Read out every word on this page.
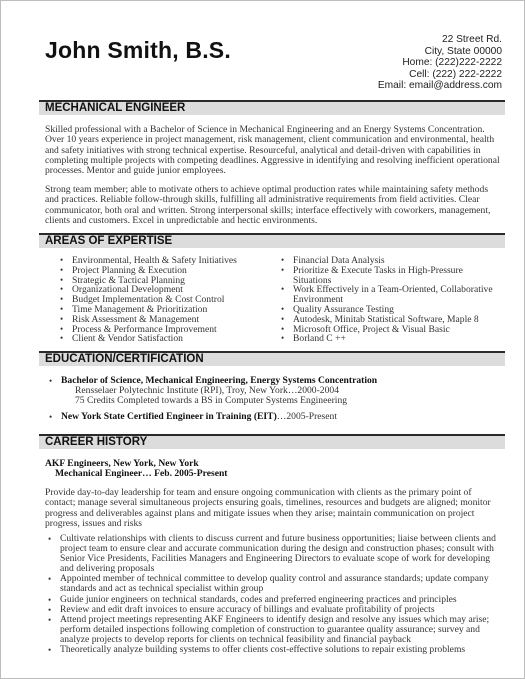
John Smith, B.S.	22 Street Rd.
City, State 00000
Home: (222)222-2222
Cell: (222) 222-2222
Email: email@address.com
MECHANICAL ENGINEER
Skilled professional with a Bachelor of Science in Mechanical Engineering and an Energy Systems Concentration. Over 10 years experience in project management, risk management, client communication and environmental, health and safety initiatives with strong technical expertise. Resourceful, analytical and detail-driven with capabilities in completing multiple projects with competing deadlines. Aggressive in identifying and resolving inefficient operational processes. Mentor and guide junior employees.
Strong team member; able to motivate others to achieve optimal production rates while maintaining safety methods and practices. Reliable follow-through skills, fulfilling all administrative requirements from field activities. Clear communicator, both oral and written. Strong interpersonal skills; interface effectively with coworkers, management, clients and customers. Excel in unpredictable and hectic environments.
AREAS OF EXPERTISE
• Environmental, Health & Safety Initiatives
• Project Planning & Execution
• Strategic & Tactical Planning
• Organizational Development
• Budget Implementation & Cost Control
• Time Management & Prioritization
• Risk Assessment & Management
• Process & Performance Improvement
• Client & Vendor Satisfaction
• Financial Data Analysis
• Prioritize & Execute Tasks in High-Pressure Situations
• Work Effectively in a Team-Oriented, Collaborative Environment
• Quality Assurance Testing
• Autodesk, Minitab Statistical Software, Maple 8
• Microsoft Office, Project & Visual Basic
• Borland C ++
EDUCATION/CERTIFICATION
• Bachelor of Science, Mechanical Engineering, Energy Systems Concentration
Rensselaer Polytechnic Institute (RPI), Troy, New York…2000-2004
75 Credits Completed towards a BS in Computer Systems Engineering
• New York State Certified Engineer in Training (EIT)…2005-Present
CAREER HISTORY
AKF Engineers, New York, New York
Mechanical Engineer… Feb. 2005-Present
Provide day-to-day leadership for team and ensure ongoing communication with clients as the primary point of contact; manage several simultaneous projects ensuring goals, timelines, resources and budgets are aligned; monitor progress and deliverables against plans and mitigate issues when they arise; maintain communication on project progress, issues and risks
• Cultivate relationships with clients to discuss current and future business opportunities; liaise between clients and project team to ensure clear and accurate communication during the design and construction phases; consult with Senior Vice Presidents, Facilities Managers and Engineering Directors to evaluate scope of work for developing and delivering proposals
• Appointed member of technical committee to develop quality control and assurance standards; update company standards and act as technical specialist within group
• Guide junior engineers on technical standards, codes and preferred engineering practices and principles
• Review and edit draft invoices to ensure accuracy of billings and evaluate profitability of projects
• Attend project meetings representing AKF Engineers to identify design and resolve any issues which may arise; perform detailed inspections following completion of construction to guarantee quality assurance; survey and analyze projects to develop reports for clients on technical feasibility and financial payback
• Theoretically analyze building systems to offer clients cost-effective solutions to repair existing problems
